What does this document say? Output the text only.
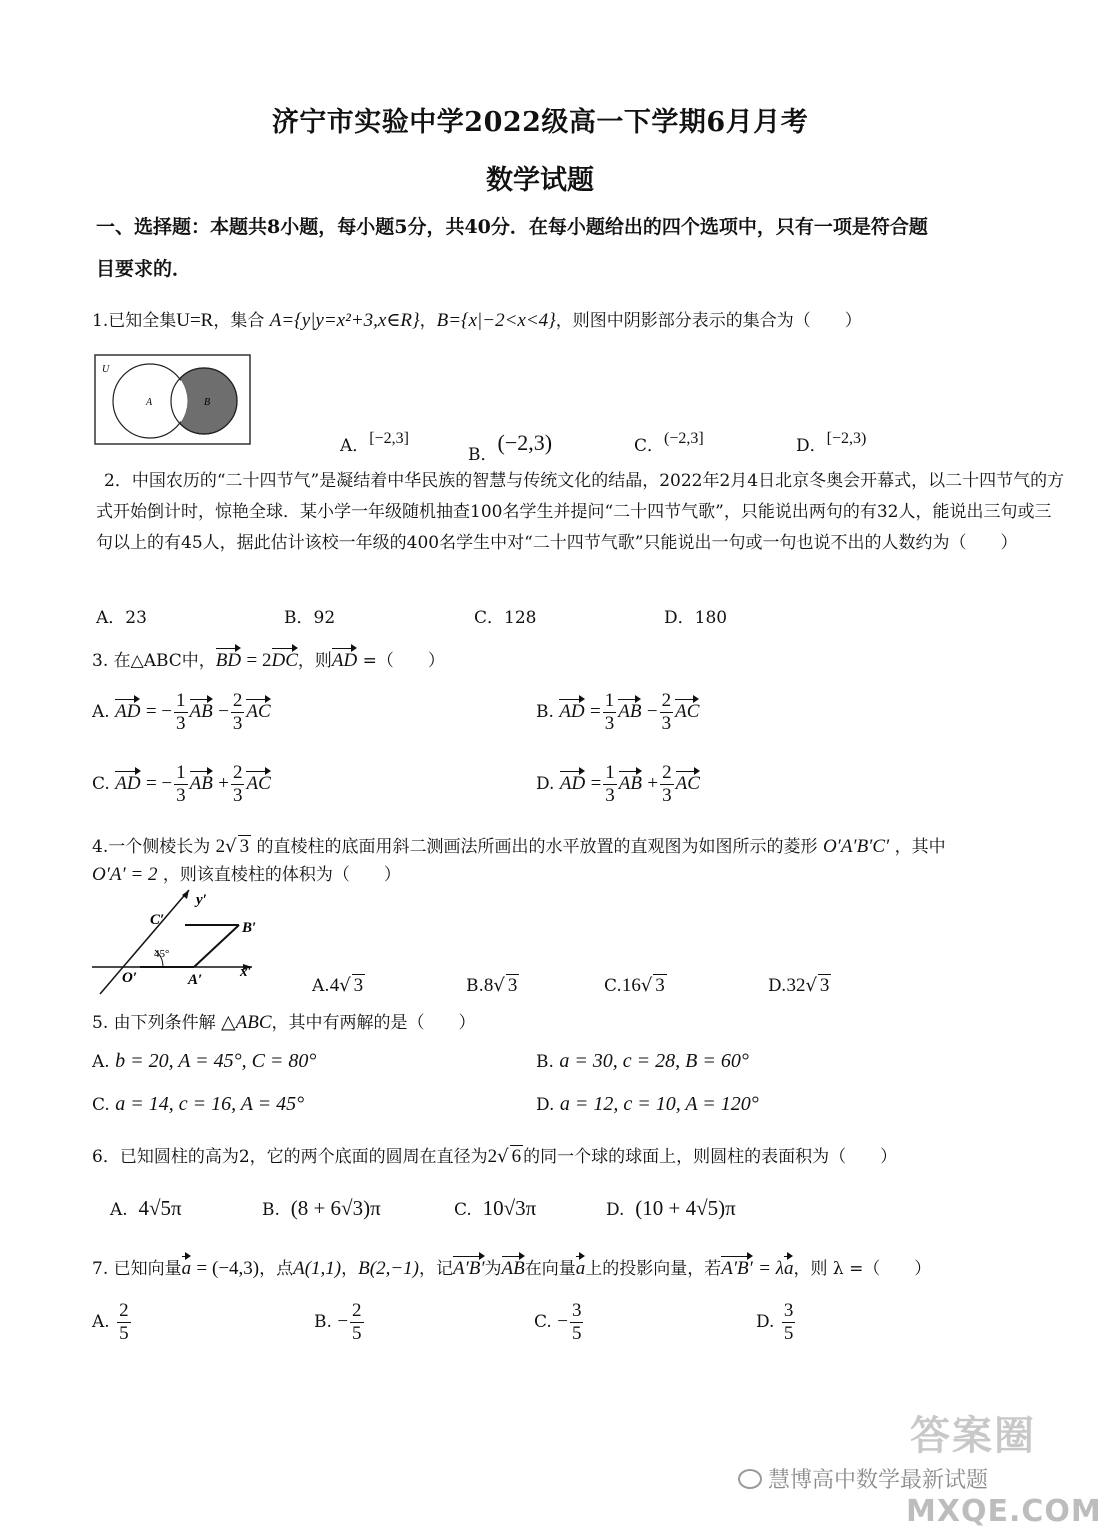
济宁市实验中学2022级高一下学期6月月考
数学试题
一、选择题：本题共8小题，每小题5分，共40分．在每小题给出的四个选项中，只有一项是符合题
目要求的．
1.已知全集U=R，集合 A={y|y=x²+3,x∈R}，B={x|−2<x<4}，则图中阴影部分表示的集合为（　　）
U
A	B
A．[−2,3]
B．(−2,3)	C．(−2,3]	D．[−2,3)
2．中国农历的“二十四节气”是凝结着中华民族的智慧与传统文化的结晶，2022年2月4日北京冬奥会开幕式，以二十四节气的方式开始倒计时，惊艳全球．某小学一年级随机抽查100名学生并提问“二十四节气歌”，只能说出两句的有32人，能说出三句或三句以上的有45人，据此估计该校一年级的400名学生中对“二十四节气歌”只能说出一句或一句也说不出的人数约为（　　）
A．23	B．92	C．128	D．180
3. 在△ABC中，BD = 2DC，则AD =（　　）
A. AD = − $\frac{1}{3}$ AB − $\frac{2}{3}$ AC	B. AD = $\frac{1}{3}$ AB − $\frac{2}{3}$ AC
C. AD = − $\frac{1}{3}$ AB + $\frac{2}{3}$ AC	D. AD = $\frac{1}{3}$ AB + $\frac{2}{3}$ AC
4.一个侧棱长为 2√ 3 的直棱柱的底面用斜二测画法所画出的水平放置的直观图为如图所示的菱形 O′A′B′C′ ，其中
O′A′ = 2 ，则该直棱柱的体积为（　　）
y′
x′
C′	B′
O′	A′
45°
A.4√ 3	B.8√ 3	C.16√ 3	D.32√ 3
5. 由下列条件解 △ABC，其中有两解的是（　　）
A. b = 20, A = 45°, C = 80°	B. a = 30, c = 28, B = 60°
C. a = 14, c = 16, A = 45°	D. a = 12, c = 10, A = 120°
6．已知圆柱的高为2，它的两个底面的圆周在直径为2√ 6 的同一个球的球面上，则圆柱的表面积为（　　）
A. 4√5π	B. (8 + 6√3)π	C. 10√3π	D. (10 + 4√5)π
7. 已知向量a = (−4,3)，点A(1,1)，B(2,−1)，记A′B′为AB在向量a上的投影向量，若A′B′ = λa，则 λ =（　　）
A. $\frac{2}{5}$	B. − $\frac{2}{5}$	C. − $\frac{3}{5}$	D. $\frac{3}{5}$
答案圈
慧博高中数学最新试题
MXQE.COM
